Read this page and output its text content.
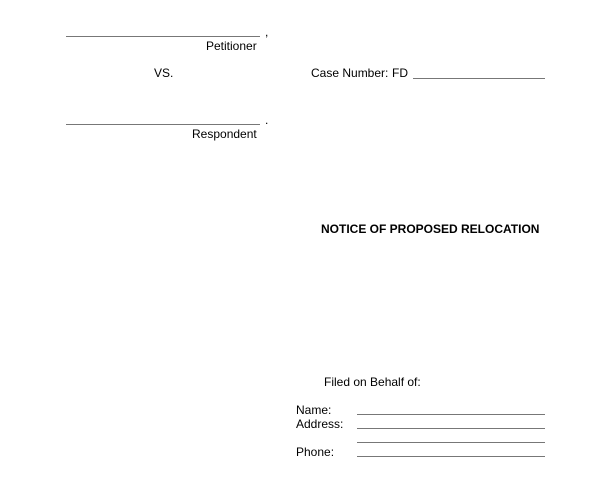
,
Petitioner
VS.	Case Number: FD
.
Respondent
NOTICE OF PROPOSED RELOCATION
Filed on Behalf of:
Name:
Address:
Phone:
